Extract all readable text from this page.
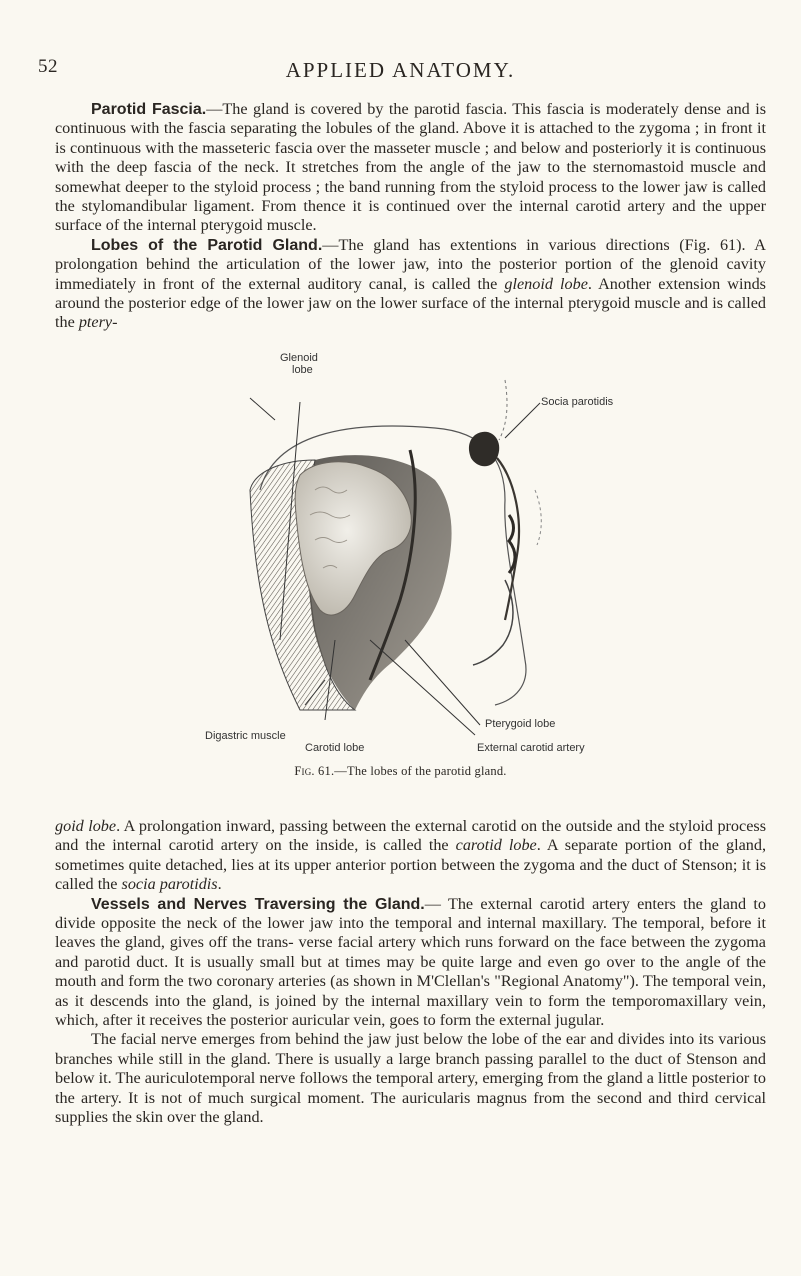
52	APPLIED ANATOMY.

Parotid Fascia.—The gland is covered by the parotid fascia. This fascia is moderately dense and is continuous with the fascia separating the lobules of the gland. Above it is attached to the zygoma ; in front it is continuous with the masseteric fascia over the masseter muscle ; and below and posteriorly it is continuous with the deep fascia of the neck. It stretches from the angle of the jaw to the sternomastoid muscle and somewhat deeper to the styloid process ; the band running from the styloid process to the lower jaw is called the stylomandibular ligament. From thence it is continued over the internal carotid artery and the upper surface of the internal pterygoid muscle.

Lobes of the Parotid Gland.—The gland has extentions in various directions (Fig. 61). A prolongation behind the articulation of the lower jaw, into the posterior portion of the glenoid cavity immediately in front of the external auditory canal, is called the glenoid lobe. Another extension winds around the posterior edge of the lower jaw on the lower surface of the internal pterygoid muscle and is called the ptery-

Glenoid
lobe
Socia parotidis
Pterygoid lobe
Digastric muscle
Carotid lobe	External carotid artery
Fig. 61.—The lobes of the parotid gland.

goid lobe. A prolongation inward, passing between the external carotid on the outside and the styloid process and the internal carotid artery on the inside, is called the carotid lobe. A separate portion of the gland, sometimes quite detached, lies at its upper anterior portion between the zygoma and the duct of Stenson; it is called the socia parotidis.

Vessels and Nerves Traversing the Gland.— The external carotid artery enters the gland to divide opposite the neck of the lower jaw into the temporal and internal maxillary. The temporal, before it leaves the gland, gives off the trans- verse facial artery which runs forward on the face between the zygoma and parotid duct. It is usually small but at times may be quite large and even go over to the angle of the mouth and form the two coronary arteries (as shown in M'Clellan's "Regional Anatomy"). The temporal vein, as it descends into the gland, is joined by the internal maxillary vein to form the temporomaxillary vein, which, after it receives the posterior auricular vein, goes to form the external jugular.

The facial nerve emerges from behind the jaw just below the lobe of the ear and divides into its various branches while still in the gland. There is usually a large branch passing parallel to the duct of Stenson and below it. The auriculotemporal nerve follows the temporal artery, emerging from the gland a little posterior to the artery. It is not of much surgical moment. The auricularis magnus from the second and third cervical supplies the skin over the gland.
